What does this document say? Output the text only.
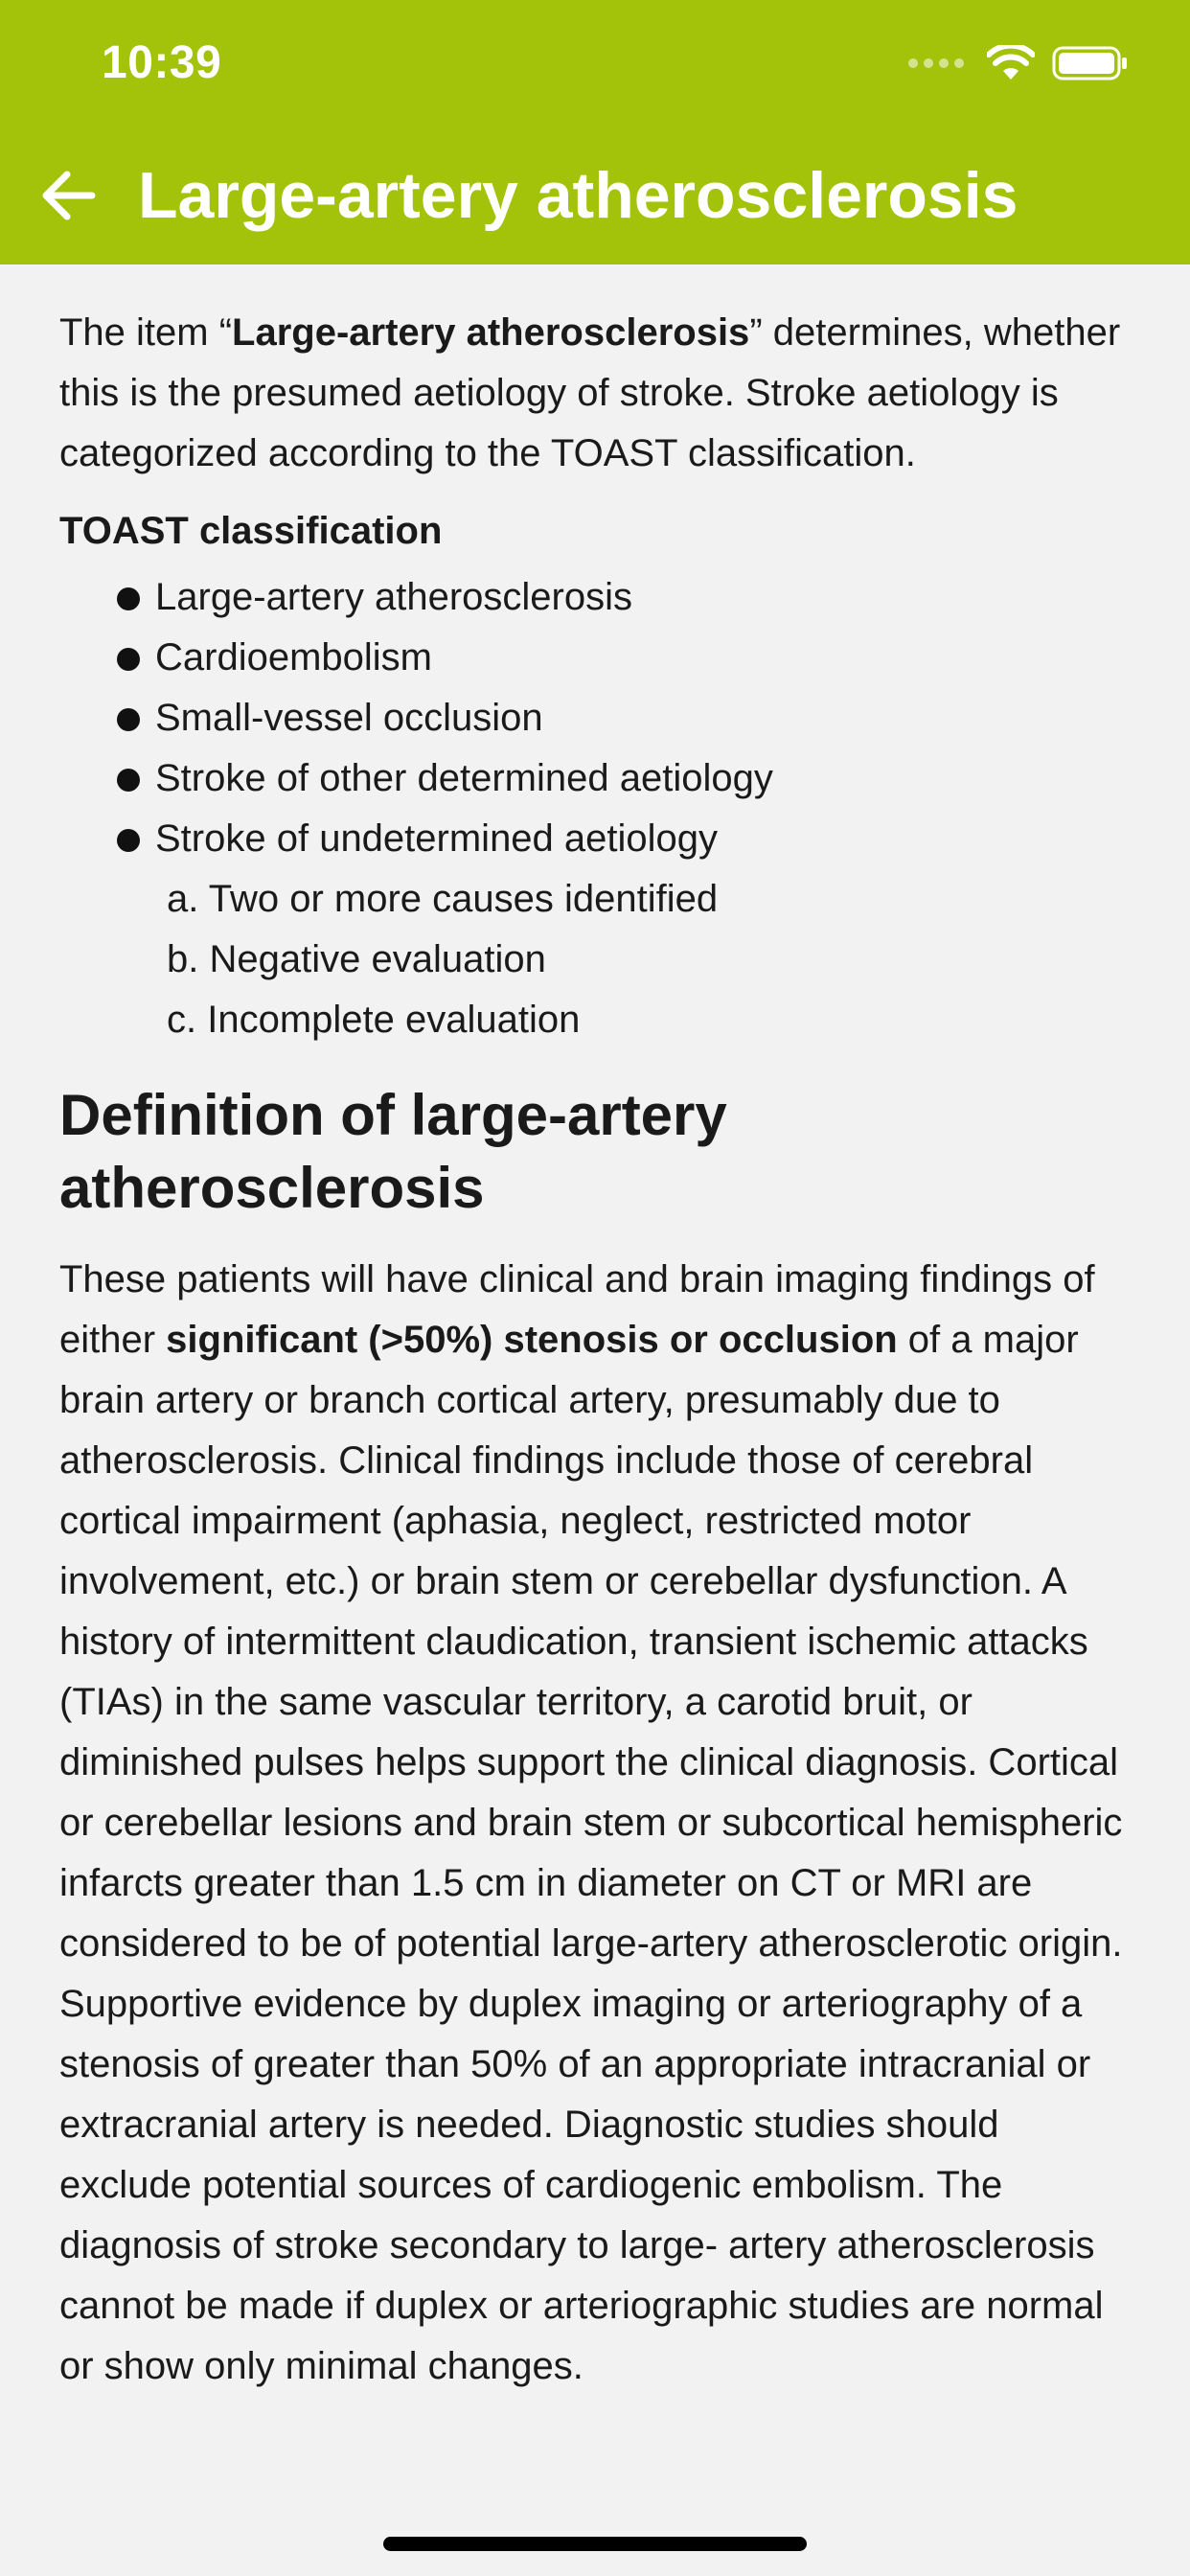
10:39
Large-artery atherosclerosis

The item “Large-artery atherosclerosis” determines, whether this is the presumed aetiology of stroke. Stroke aetiology is categorized according to the TOAST classification.

TOAST classification
Large-artery atherosclerosis
Cardioembolism
Small-vessel occlusion
Stroke of other determined aetiology
Stroke of undetermined aetiology
a. Two or more causes identified
b. Negative evaluation
c. Incomplete evaluation
Definition of large-artery atherosclerosis

These patients will have clinical and brain imaging findings of either significant (>50%) stenosis or occlusion of a major brain artery or branch cortical artery, presumably due to atherosclerosis. Clinical findings include those of cerebral cortical impairment (aphasia, neglect, restricted motor involvement, etc.) or brain stem or cerebellar dysfunction. A history of intermittent claudication, transient ischemic attacks (TIAs) in the same vascular territory, a carotid bruit, or diminished pulses helps support the clinical diagnosis. Cortical or cerebellar lesions and brain stem or subcortical hemispheric infarcts greater than 1.5 cm in diameter on CT or MRI are considered to be of potential large-artery atherosclerotic origin. Supportive evidence by duplex imaging or arteriography of a stenosis of greater than 50% of an appropriate intracranial or extracranial artery is needed. Diagnostic studies should exclude potential sources of cardiogenic embolism. The diagnosis of stroke secondary to large- artery atherosclerosis cannot be made if duplex or arteriographic studies are normal or show only minimal changes.
